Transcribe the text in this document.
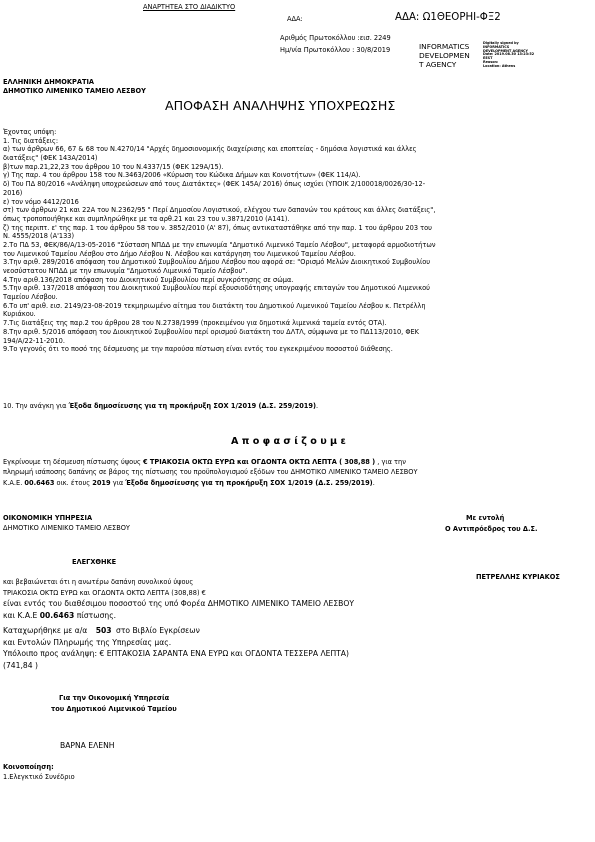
ΑΝΑΡΤΗΤΕΑ ΣΤΟ ΔΙΑΔΙΚΤΥΟ
ΑΔΑ:	ΑΔΑ: Ω1ΘΕΟΡΗΙ-ΦΞ2
Αριθμός Πρωτοκόλλου :εισ. 2249
Ημ/νία Πρωτοκόλλου : 30/8/2019	INFORMATICS
DEVELOPMEN
T AGENCY
Digitally signed by
INFORMATICS
DEVELOPMENT AGENCY
Date: 2019.08.30 13:23:52
EEST
Reason:
Location: Athens
ΕΛΛΗΝΙΚΗ ΔΗΜΟΚΡΑΤΙΑ
ΔΗΜΟΤΙΚΟ ΛΙΜΕΝΙΚΟ ΤΑΜΕΙΟ ΛΕΣΒΟΥ
ΑΠΟΦΑΣΗ ΑΝΑΛΗΨΗΣ ΥΠΟΧΡΕΩΣΗΣ
Έχοντας υπόψη:
1. Τις διατάξεις:
α) των άρθρων 66, 67 & 68 του Ν.4270/14 "Αρχές δημοσιονομικής διαχείρισης και εποπτείας - δημόσια λογιστικά και άλλες
διατάξεις" (ΦΕΚ 143Α/2014)
β)των παρ.21,22,23 του άρθρου 10 του Ν.4337/15 (ΦΕΚ 129Α/15).
γ) Της παρ. 4 του άρθρου 158 του Ν.3463/2006 «Κύρωση του Κώδικα Δήμων και Κοινοτήτων» (ΦΕΚ 114/Α).
δ) Του ΠΔ 80/2016 «Ανάληψη υποχρεώσεων από τους Διατάκτες» (ΦΕΚ 145Α/ 2016) όπως ισχύει (ΥΠΟΙΚ 2/100018/0026/30-12-
2016)
ε) τον νόμο 4412/2016
στ) των άρθρων 21 και 22Α του Ν.2362/95 " Περί Δημοσίου Λογιστικού, ελέγχου των δαπανών του κράτους και άλλες διατάξεις",
όπως τροποποιήθηκε και συμπληρώθηκε με τα αρθ.21 και 23 του ν.3871/2010 (Α141).
ζ) της περιπτ. ε' της παρ. 1 του άρθρου 58 του ν. 3852/2010 (Α' 87), όπως αντικαταστάθηκε από την παρ. 1 του άρθρου 203 του
Ν. 4555/2018 (Α'133)
2.Το ΠΔ 53, ΦΕΚ/86/Α/13-05-2016 "Σύσταση ΝΠΔΔ με την επωνυμία "Δημοτικό Λιμενικό Ταμείο Λέσβου", μεταφορά αρμοδιοτήτων
του Λιμενικού Ταμείου Λέσβου στο Δήμο Λέσβου Ν. Λέσβου και κατάργηση του Λιμενικού Ταμείου Λέσβου.
3.Την αριθ. 289/2016 απόφαση του Δημοτικού Συμβουλίου Δήμου Λέσβου που αφορά σε: "Ορισμό Μελών Διοικητικού Συμβουλίου
νεοσύστατου ΝΠΔΔ με την επωνυμία "Δημοτικό Λιμενικό Ταμείο Λέσβου".
4.Την αριθ.136/2018 απόφαση του Διοικητικού Συμβουλίου περί συγκρότησης σε σώμα.
5.Την αριθ. 137/2018 απόφαση του Διοικητικού Συμβουλίου περί εξουσιοδότησης υπογραφής επιταγών του Δημοτικού Λιμενικού
Ταμείου Λέσβου.
6.Το υπ' αριθ. εισ. 2149/23-08-2019 τεκμηριωμένο αίτημα του διατάκτη του Δημοτικού Λιμενικού Ταμείου Λέσβου κ. Πετρέλλη
Κυριάκου.
7.Τις διατάξεις της παρ.2 του άρθρου 28 του Ν.2738/1999 (προκειμένου για δημοτικά λιμενικά ταμεία εντός ΟΤΑ).
8.Την αριθ. 5/2016 απόφαση του Διοικητικού Συμβουλίου περί ορισμού διατάκτη του ΔΛΤΛ, σύμφωνα με το ΠΔ113/2010, ΦΕΚ
194/Α/22-11-2010.
9.Το γεγονός ότι το ποσό της δέσμευσης με την παρούσα πίστωση είναι εντός του εγκεκριμένου ποσοστού διάθεσης.
10. Την ανάγκη για Έξοδα δημοσίευσης για τη προκήρυξη ΣΟΧ 1/2019 (Δ.Σ. 259/2019).
Α π ο φ α σ ί ζ ο υ μ ε
Εγκρίνουμε τη δέσμευση πίστωσης ύψους € ΤΡΙΑΚΟΣΙΑ ΟΚΤΩ ΕΥΡΩ και ΟΓΔΟΝΤΑ ΟΚΤΩ ΛΕΠΤΑ ( 308,88 ) , για την
πληρωμή ισάποσης δαπάνης σε βάρος της πίστωσης του προϋπολογισμού εξόδων του ΔΗΜΟΤΙΚΟ ΛΙΜΕΝΙΚΟ ΤΑΜΕΙΟ ΛΕΣΒΟΥ
Κ.Α.Ε. 00.6463 οικ. έτους 2019 για Έξοδα δημοσίευσης για τη προκήρυξη ΣΟΧ 1/2019 (Δ.Σ. 259/2019).
ΟΙΚΟΝΟΜΙΚΗ ΥΠΗΡΕΣΙΑ
ΔΗΜΟΤΙΚΟ ΛΙΜΕΝΙΚΟ ΤΑΜΕΙΟ ΛΕΣΒΟΥ
Με εντολή
Ο Αντιπρόεδρος του Δ.Σ.
ΕΛΕΓΧΘΗΚΕ
ΠΕΤΡΕΛΛΗΣ ΚΥΡΙΑΚΟΣ
και βεβαιώνεται ότι η ανωτέρω δαπάνη συνολικού ύψους
ΤΡΙΑΚΟΣΙΑ ΟΚΤΩ ΕΥΡΩ και ΟΓΔΟΝΤΑ ΟΚΤΩ ΛΕΠΤΑ (308,88) €
είναι εντός του διαθέσιμου ποσοστού της υπό Φορέα ΔΗΜΟΤΙΚΟ ΛΙΜΕΝΙΚΟ ΤΑΜΕΙΟ ΛΕΣΒΟΥ
και Κ.Α.Ε 00.6463 πίστωσης.
Καταχωρήθηκε με α/α 503 στο Βιβλίο Εγκρίσεων
και Εντολών Πληρωμής της Υπηρεσίας μας.
Υπόλοιπο προς ανάληψη: € ΕΠΤΑΚΟΣΙΑ ΣΑΡΑΝΤΑ ΕΝΑ ΕΥΡΩ και ΟΓΔΟΝΤΑ ΤΕΣΣΕΡΑ ΛΕΠΤΑ)
(741,84 )
Για την Οικονομική Υπηρεσία
του Δημοτικού Λιμενικού Ταμείου
ΒΑΡΝΑ ΕΛΕΝΗ
Κοινοποίηση:
1.Ελεγκτικό Συνέδριο
